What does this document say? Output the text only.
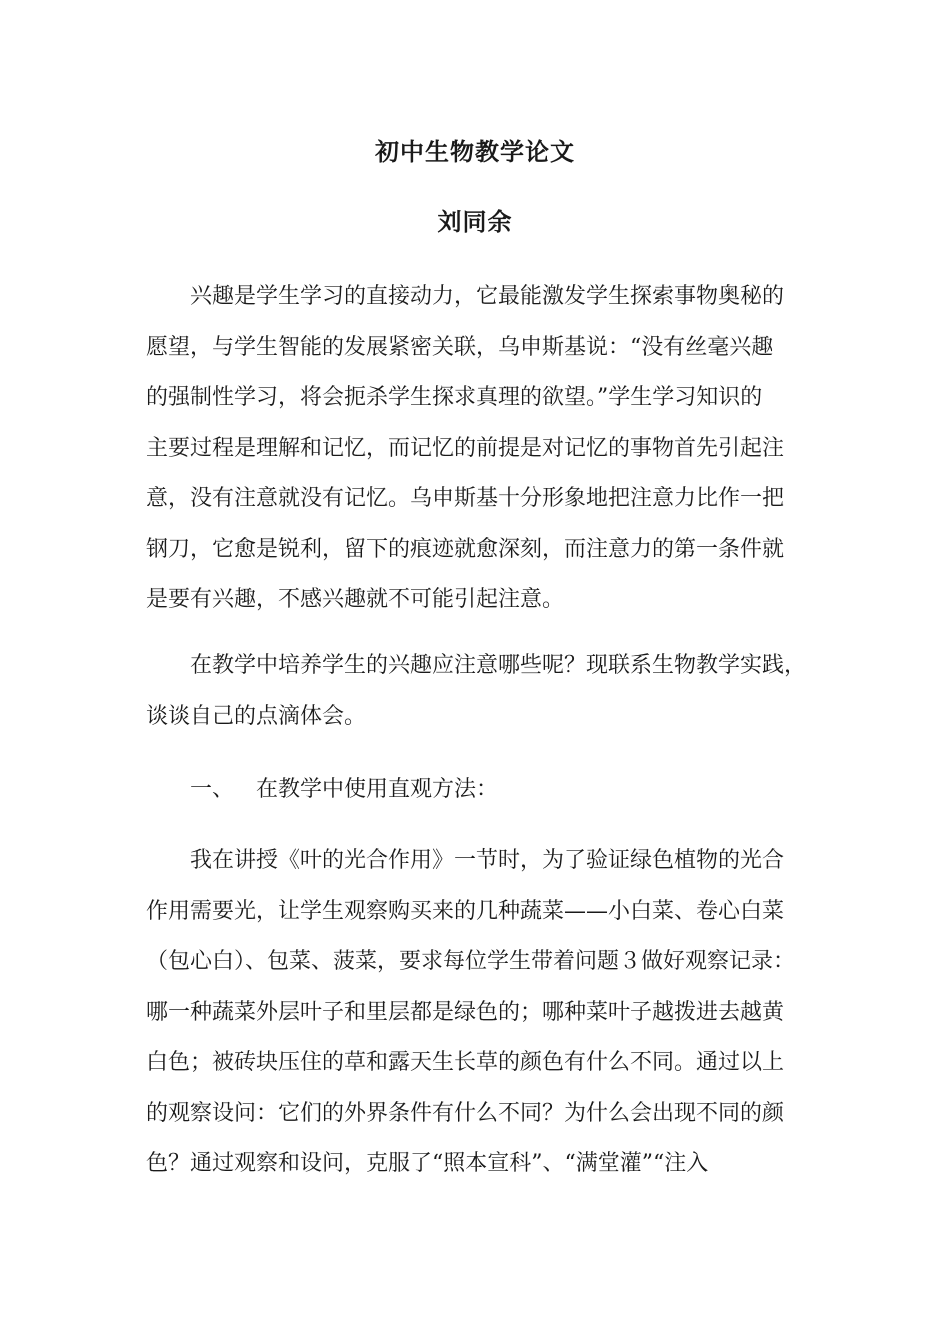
初中生物教学论文
刘同余
兴趣是学生学习的直接动力，它最能激发学生探索事物奥秘的
愿望，与学生智能的发展紧密关联，乌申斯基说：“没有丝毫兴趣
的强制性学习，将会扼杀学生探求真理的欲望。”学生学习知识的
主要过程是理解和记忆，而记忆的前提是对记忆的事物首先引起注
意，没有注意就没有记忆。乌申斯基十分形象地把注意力比作一把
钢刀，它愈是锐利，留下的痕迹就愈深刻，而注意力的第一条件就
是要有兴趣，不感兴趣就不可能引起注意。
在教学中培养学生的兴趣应注意哪些呢？现联系生物教学实践，
谈谈自己的点滴体会。
一、 在教学中使用直观方法：
我在讲授《叶的光合作用》一节时，为了验证绿色植物的光合
作用需要光，让学生观察购买来的几种蔬菜——小白菜、卷心白菜
（包心白）、包菜、菠菜，要求每位学生带着问题３做好观察记录：
哪一种蔬菜外层叶子和里层都是绿色的；哪种菜叶子越拨进去越黄
白色；被砖块压住的草和露天生长草的颜色有什么不同。通过以上
的观察设问：它们的外界条件有什么不同？为什么会出现不同的颜
色？通过观察和设问，克服了“照本宣科”、“满堂灌”“注入
